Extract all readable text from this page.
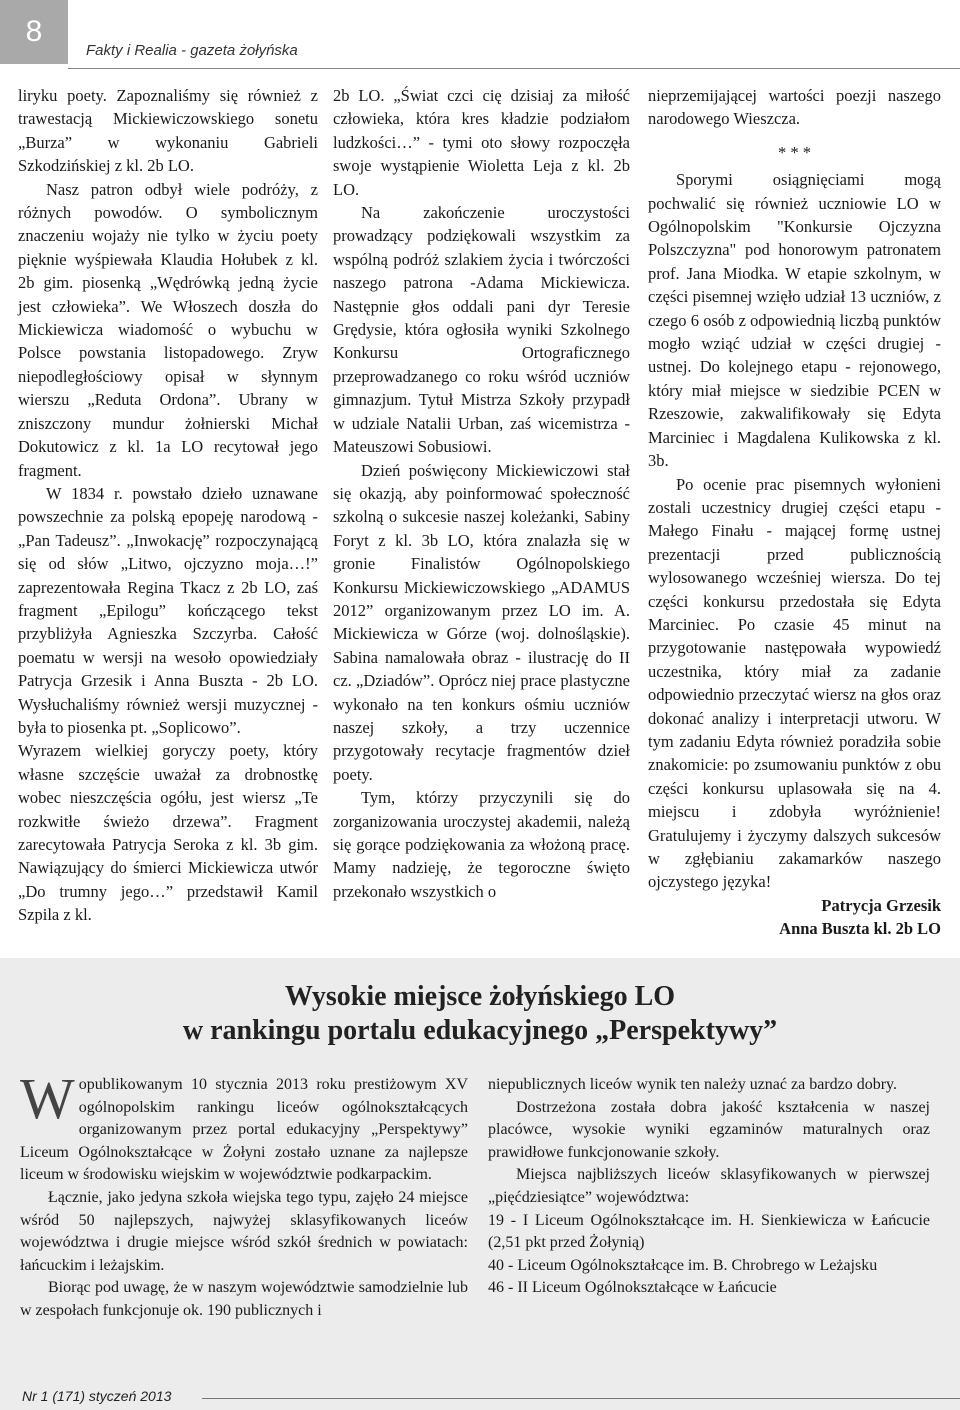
8
Fakty i Realia - gazeta żołyńska

liryku poety. Zapoznaliśmy się również z trawestacją Mickiewiczowskiego sonetu „Burza” w wykonaniu Gabrieli Szkodzińskiej z kl. 2b LO.

Nasz patron odbył wiele podróży, z różnych powodów. O symbolicznym znaczeniu wojaży nie tylko w życiu poety pięknie wyśpiewała Klaudia Hołubek z kl. 2b gim. piosenką „Wędrówką jedną życie jest człowieka”. We Włoszech doszła do Mickiewicza wiadomość o wybuchu w Polsce powstania listopadowego. Zryw niepodległościowy opisał w słynnym wierszu „Reduta Ordona”. Ubrany w zniszczony mundur żołnierski Michał Dokutowicz z kl. 1a LO recytował jego fragment.

W 1834 r. powstało dzieło uznawane powszechnie za polską epopeję narodową - „Pan Tadeusz”. „Inwokację” rozpoczynającą się od słów „Litwo, ojczyzno moja…!” zaprezentowała Regina Tkacz z 2b LO, zaś fragment „Epilogu” kończącego tekst przybliżyła Agnieszka Szczyrba. Całość poematu w wersji na wesoło opowiedziały Patrycja Grzesik i Anna Buszta - 2b LO. Wysłuchaliśmy również wersji muzycznej - była to piosenka pt. „Soplicowo”.

Wyrazem wielkiej goryczy poety, który własne szczęście uważał za drobnostkę wobec nieszczęścia ogółu, jest wiersz „Te rozkwitłe świeżo drzewa”. Fragment zarecytowała Patrycja Seroka z kl. 3b gim. Nawiązujący do śmierci Mickiewicza utwór „Do trumny jego…” przedstawił Kamil Szpila z kl.

2b LO. „Świat czci cię dzisiaj za miłość człowieka, która kres kładzie podziałom ludzkości…” - tymi oto słowy rozpoczęła swoje wystąpienie Wioletta Leja z kl. 2b LO.

Na zakończenie uroczystości prowadzący podziękowali wszystkim za wspólną podróż szlakiem życia i twórczości naszego patrona -Adama Mickiewicza. Następnie głos oddali pani dyr Teresie Grędysie, która ogłosiła wyniki Szkolnego Konkursu Ortograficznego przeprowadzanego co roku wśród uczniów gimnazjum. Tytuł Mistrza Szkoły przypadł w udziale Natalii Urban, zaś wicemistrza - Mateuszowi Sobusiowi.

Dzień poświęcony Mickiewiczowi stał się okazją, aby poinformować społeczność szkolną o sukcesie naszej koleżanki, Sabiny Foryt z kl. 3b LO, która znalazła się w gronie Finalistów Ogólnopolskiego Konkursu Mickiewiczowskiego „ADAMUS 2012” organizowanym przez LO im. A. Mickiewicza w Górze (woj. dolnośląskie). Sabina namalowała obraz - ilustrację do II cz. „Dziadów”. Oprócz niej prace plastyczne wykonało na ten konkurs ośmiu uczniów naszej szkoły, a trzy uczennice przygotowały recytacje fragmentów dzieł poety.

Tym, którzy przyczynili się do zorganizowania uroczystej akademii, należą się gorące podziękowania za włożoną pracę. Mamy nadzieję, że tegoroczne święto przekonało wszystkich o

nieprzemijającej wartości poezji naszego narodowego Wieszcza.

* * *

Sporymi osiągnięciami mogą pochwalić się również uczniowie LO w Ogólnopolskim "Konkursie Ojczyzna Polszczyzna" pod honorowym patronatem prof. Jana Miodka. W etapie szkolnym, w części pisemnej wzięło udział 13 uczniów, z czego 6 osób z odpowiednią liczbą punktów mogło wziąć udział w części drugiej - ustnej. Do kolejnego etapu - rejonowego, który miał miejsce w siedzibie PCEN w Rzeszowie, zakwalifikowały się Edyta Marciniec i Magdalena Kulikowska z kl. 3b.

Po ocenie prac pisemnych wyłonieni zostali uczestnicy drugiej części etapu - Małego Finału - mającej formę ustnej prezentacji przed publicznością wylosowanego wcześniej wiersza. Do tej części konkursu przedostała się Edyta Marciniec. Po czasie 45 minut na przygotowanie następowała wypowiedź uczestnika, który miał za zadanie odpowiednio przeczytać wiersz na głos oraz dokonać analizy i interpretacji utworu. W tym zadaniu Edyta również poradziła sobie znakomicie: po zsumowaniu punktów z obu części konkursu uplasowała się na 4. miejscu i zdobyła wyróżnienie! Gratulujemy i życzymy dalszych sukcesów w zgłębianiu zakamarków naszego ojczystego języka!

Patrycja Grzesik

Anna Buszta kl. 2b LO

Wysokie miejsce żołyńskiego LO
w rankingu portalu edukacyjnego „Perspektywy”

Wopublikowanym 10 stycznia 2013 roku prestiżowym XV ogólnopolskim rankingu liceów ogólnokształcących organizowanym przez portal edukacyjny „Perspektywy” Liceum Ogólnokształcące w Żołyni zostało uznane za najlepsze liceum w środowisku wiejskim w województwie podkarpackim.

Łącznie, jako jedyna szkoła wiejska tego typu, zajęło 24 miejsce wśród 50 najlepszych, najwyżej sklasyfikowanych liceów województwa i drugie miejsce wśród szkół średnich w powiatach: łańcuckim i leżajskim.

Biorąc pod uwagę, że w naszym województwie samodzielnie lub w zespołach funkcjonuje ok. 190 publicznych i

niepublicznych liceów wynik ten należy uznać za bardzo dobry.

Dostrzeżona została dobra jakość kształcenia w naszej placówce, wysokie wyniki egzaminów maturalnych oraz prawidłowe funkcjonowanie szkoły.

Miejsca najbliższych liceów sklasyfikowanych w pierwszej „pięćdziesiątce” województwa:

19 - I Liceum Ogólnokształcące im. H. Sienkiewicza w Łańcucie (2,51 pkt przed Żołynią)

40 - Liceum Ogólnokształcące im. B. Chrobrego w Leżajsku

46 - II Liceum Ogólnokształcące w Łańcucie

Nr 1 (171) styczeń 2013
